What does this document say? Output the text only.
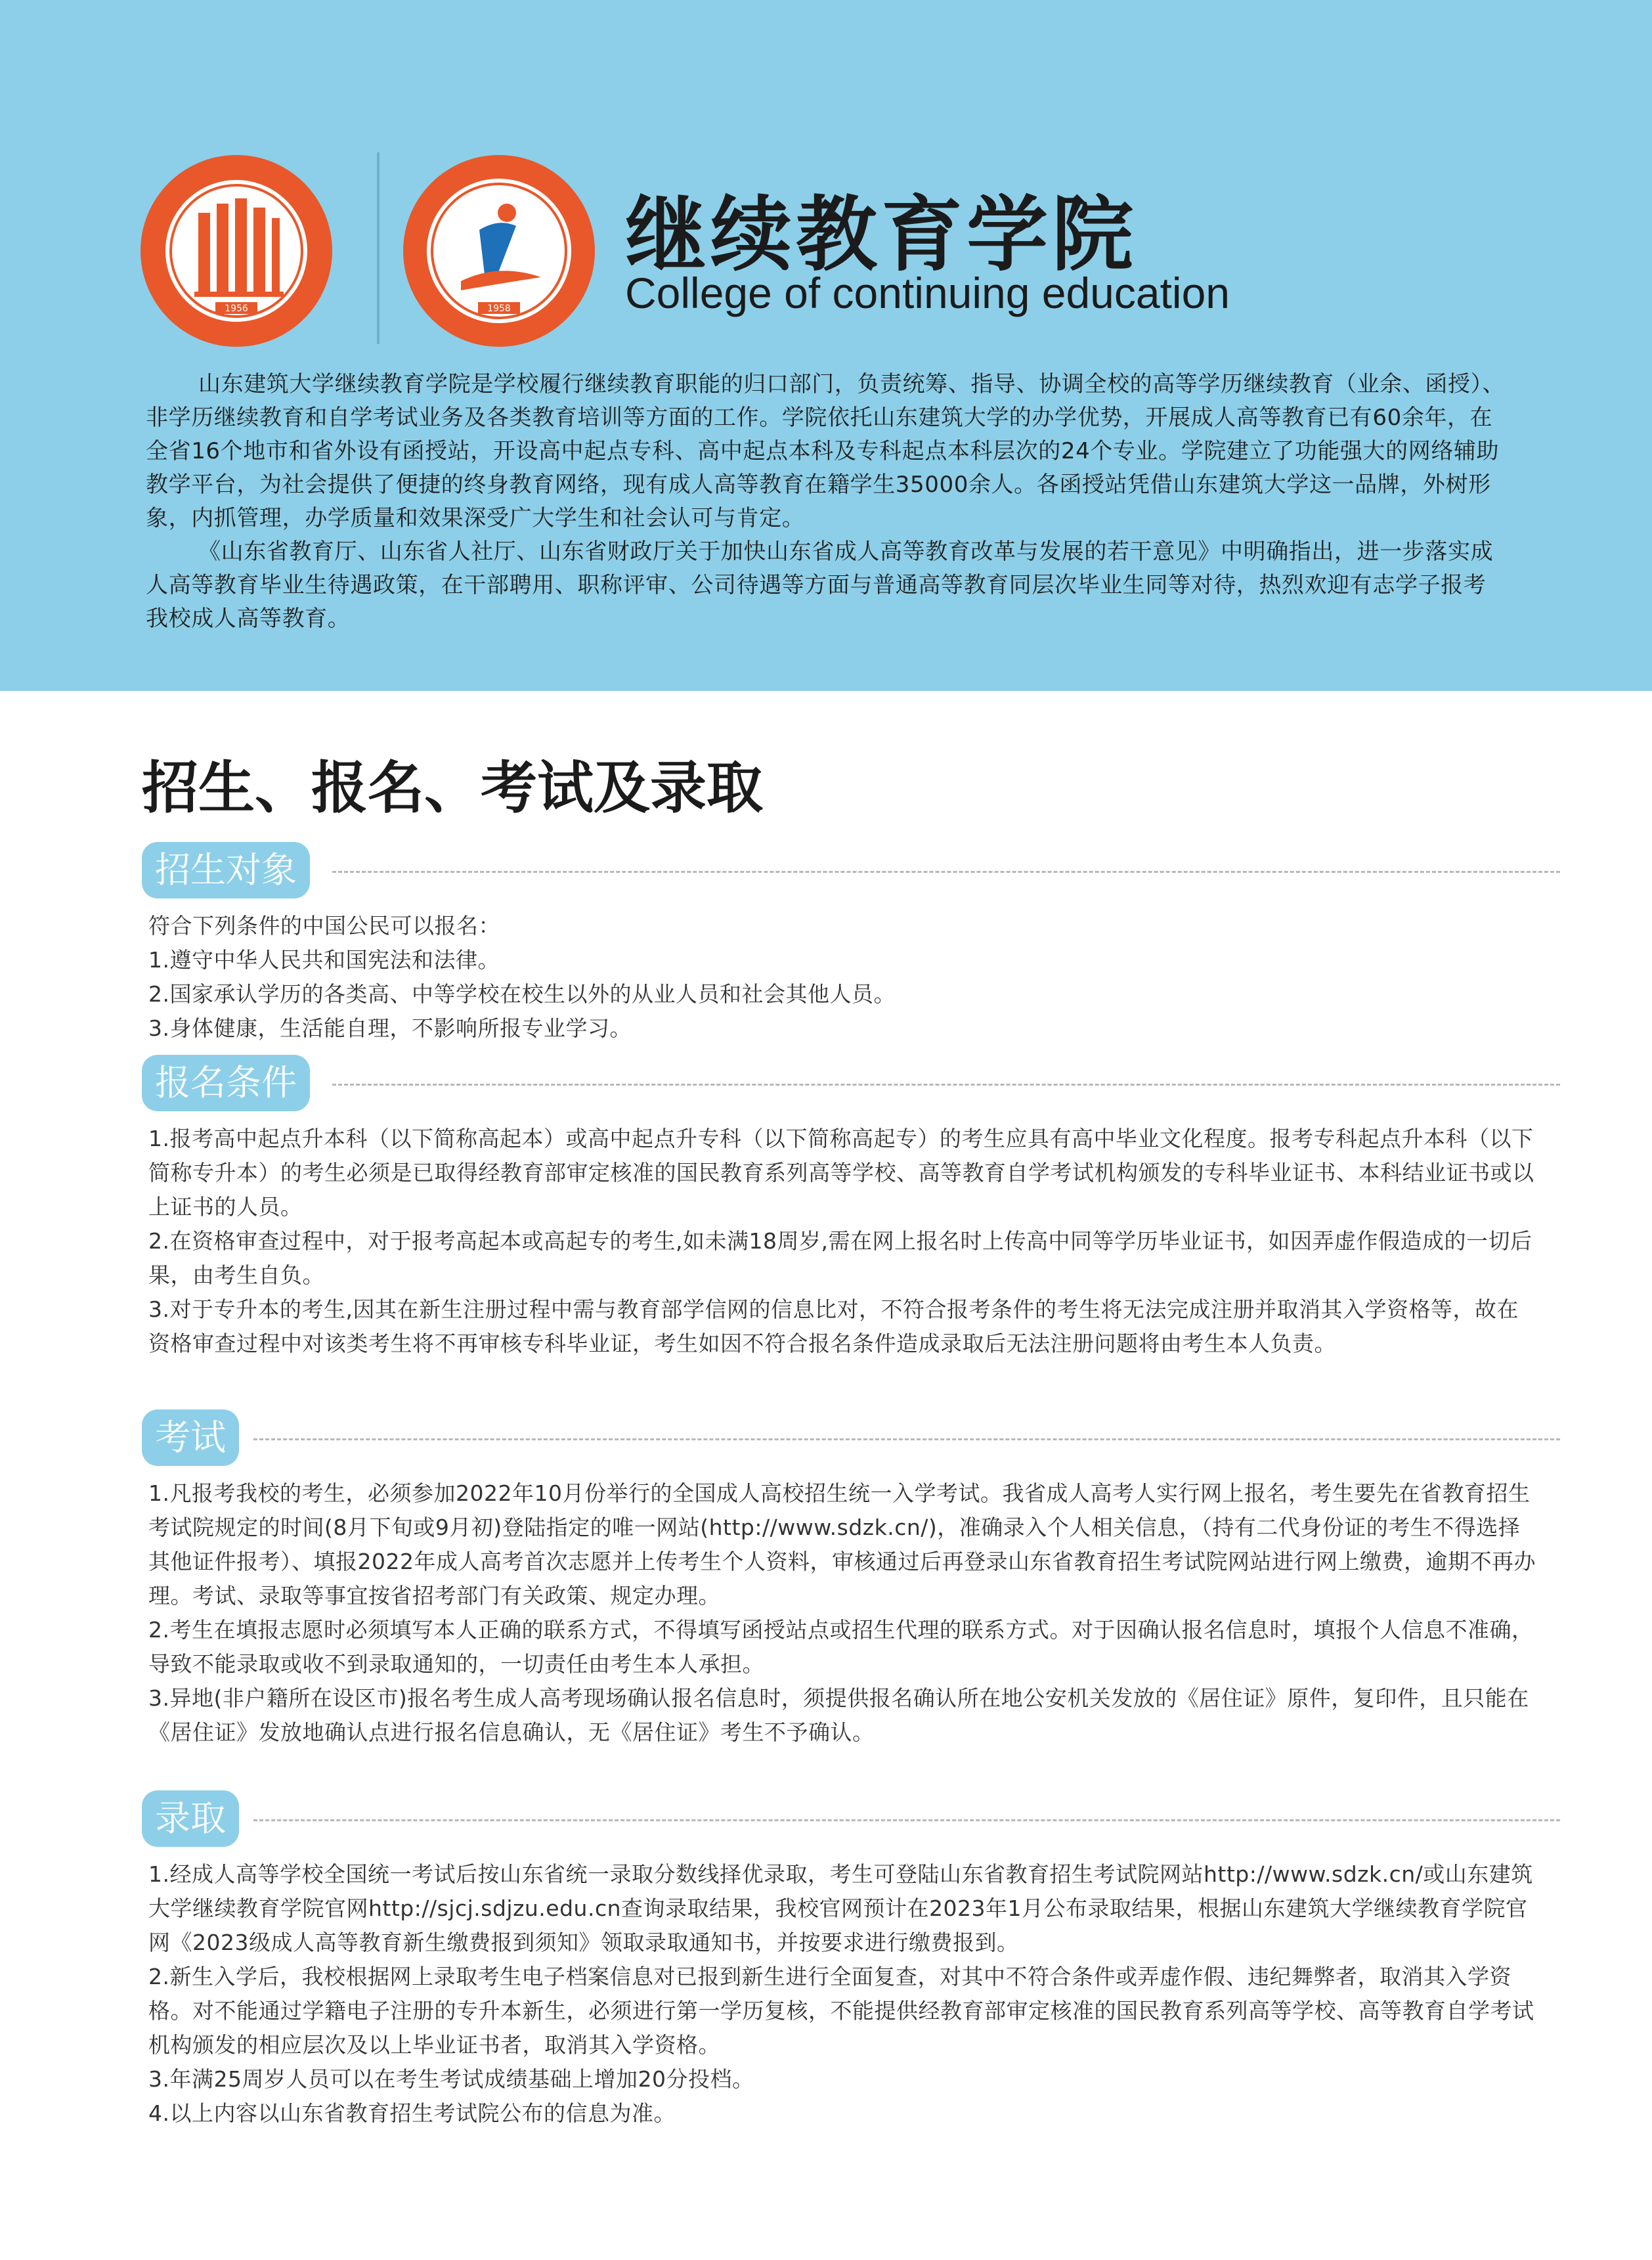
1956	1958
继续教育学院
College of continuing education

山东建筑大学继续教育学院是学校履行继续教育职能的归口部门，负责统筹、指导、协调全校的高等学历继续教育（业余、函授）、非学历继续教育和自学考试业务及各类教育培训等方面的工作。学院依托山东建筑大学的办学优势，开展成人高等教育已有60余年，在全省16个地市和省外设有函授站，开设高中起点专科、高中起点本科及专科起点本科层次的24个专业。学院建立了功能强大的网络辅助教学平台，为社会提供了便捷的终身教育网络，现有成人高等教育在籍学生35000余人。各函授站凭借山东建筑大学这一品牌，外树形象，内抓管理，办学质量和效果深受广大学生和社会认可与肯定。

《山东省教育厅、山东省人社厅、山东省财政厅关于加快山东省成人高等教育改革与发展的若干意见》中明确指出，进一步落实成人高等教育毕业生待遇政策，在干部聘用、职称评审、公司待遇等方面与普通高等教育同层次毕业生同等对待，热烈欢迎有志学子报考我校成人高等教育。

招生、报名、考试及录取
招生对象

符合下列条件的中国公民可以报名：

1.遵守中华人民共和国宪法和法律。

2.国家承认学历的各类高、中等学校在校生以外的从业人员和社会其他人员。

3.身体健康，生活能自理，不影响所报专业学习。

报名条件

1.报考高中起点升本科（以下简称高起本）或高中起点升专科（以下简称高起专）的考生应具有高中毕业文化程度。报考专科起点升本科（以下简称专升本）的考生必须是已取得经教育部审定核准的国民教育系列高等学校、高等教育自学考试机构颁发的专科毕业证书、本科结业证书或以上证书的人员。

2.在资格审查过程中，对于报考高起本或高起专的考生,如未满18周岁,需在网上报名时上传高中同等学历毕业证书，如因弄虚作假造成的一切后果，由考生自负。

3.对于专升本的考生,因其在新生注册过程中需与教育部学信网的信息比对，不符合报考条件的考生将无法完成注册并取消其入学资格等，故在资格审查过程中对该类考生将不再审核专科毕业证，考生如因不符合报名条件造成录取后无法注册问题将由考生本人负责。

考试

1.凡报考我校的考生，必须参加2022年10月份举行的全国成人高校招生统一入学考试。我省成人高考人实行网上报名，考生要先在省教育招生考试院规定的时间(8月下旬或9月初)登陆指定的唯一网站(http://www.sdzk.cn/)，准确录入个人相关信息，（持有二代身份证的考生不得选择其他证件报考）、填报2022年成人高考首次志愿并上传考生个人资料，审核通过后再登录山东省教育招生考试院网站进行网上缴费，逾期不再办理。考试、录取等事宜按省招考部门有关政策、规定办理。

2.考生在填报志愿时必须填写本人正确的联系方式，不得填写函授站点或招生代理的联系方式。对于因确认报名信息时，填报个人信息不准确，导致不能录取或收不到录取通知的，一切责任由考生本人承担。

3.异地(非户籍所在设区市)报名考生成人高考现场确认报名信息时，须提供报名确认所在地公安机关发放的《居住证》原件，复印件，且只能在《居住证》发放地确认点进行报名信息确认，无《居住证》考生不予确认。

录取

1.经成人高等学校全国统一考试后按山东省统一录取分数线择优录取，考生可登陆山东省教育招生考试院网站http://www.sdzk.cn/或山东建筑大学继续教育学院官网http://sjcj.sdjzu.edu.cn查询录取结果，我校官网预计在2023年1月公布录取结果，根据山东建筑大学继续教育学院官网《2023级成人高等教育新生缴费报到须知》领取录取通知书，并按要求进行缴费报到。

2.新生入学后，我校根据网上录取考生电子档案信息对已报到新生进行全面复查，对其中不符合条件或弄虚作假、违纪舞弊者，取消其入学资格。对不能通过学籍电子注册的专升本新生，必须进行第一学历复核，不能提供经教育部审定核准的国民教育系列高等学校、高等教育自学考试机构颁发的相应层次及以上毕业证书者，取消其入学资格。

3.年满25周岁人员可以在考生考试成绩基础上增加20分投档。

4.以上内容以山东省教育招生考试院公布的信息为准。
